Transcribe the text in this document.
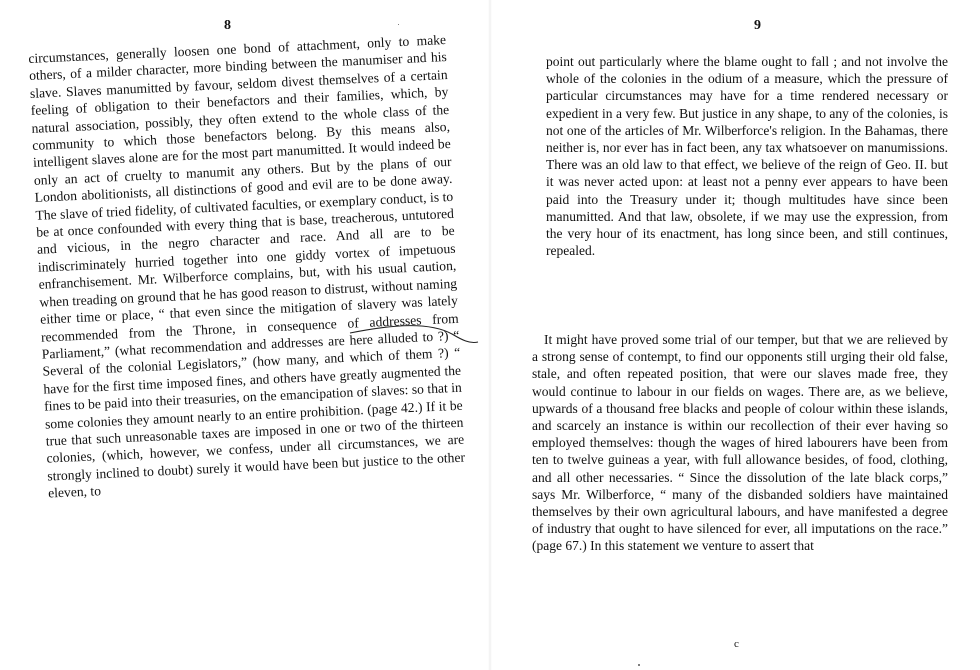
8

circumstances, generally loosen one bond of attachment, only to make others, of a milder character, more binding between the manumiser and his slave. Slaves manumitted by favour, seldom divest themselves of a certain feeling of obligation to their benefactors and their families, which, by natural association, possibly, they often extend to the whole class of the community to which those benefactors belong. By this means also, intelligent slaves alone are for the most part manumitted. It would indeed be only an act of cruelty to manumit any others. But by the plans of our London abolitionists, all distinctions of good and evil are to be done away. The slave of tried fidelity, of cultivated faculties, or exemplary conduct, is to be at once confounded with every thing that is base, treacherous, untutored and vicious, in the negro character and race. And all are to be indiscriminately hurried together into one giddy vortex of impetuous enfranchisement. Mr. Wilberforce complains, but, with his usual caution, when treading on ground that he has good reason to distrust, without naming either time or place, “ that even since the mitigation of slavery was lately recommended from the Throne, in consequence of addresses from Parliament,” (what recommendation and addresses are here alluded to ?) “ Several of the colonial Legislators,” (how many, and which of them ?) “ have for the first time imposed fines, and others have greatly augmented the fines to be paid into their treasuries, on the emancipation of slaves: so that in some colonies they amount nearly to an entire prohibition. (page 42.) If it be true that such unreasonable taxes are imposed in one or two of the thirteen colonies, (which, however, we confess, under all circumstances, we are strongly inclined to doubt) surely it would have been but justice to the other eleven, to

9

point out particularly where the blame ought to fall ; and not involve the whole of the colonies in the odium of a measure, which the pressure of particular circumstances may have for a time rendered necessary or expedient in a very few. But justice in any shape, to any of the colonies, is not one of the articles of Mr. Wilberforce's religion. In the Bahamas, there neither is, nor ever has in fact been, any tax whatsoever on manumissions. There was an old law to that effect, we believe of the reign of Geo. II. but it was never acted upon: at least not a penny ever appears to have been paid into the Treasury under it; though multitudes have since been manumitted. And that law, obsolete, if we may use the expression, from the very hour of its enactment, has long since been, and still continues, repealed.

It might have proved some trial of our temper, but that we are relieved by a strong sense of contempt, to find our opponents still urging their old false, stale, and often repeated position, that were our slaves made free, they would continue to labour in our fields on wages. There are, as we believe, upwards of a thousand free blacks and people of colour within these islands, and scarcely an instance is within our recollection of their ever having so employed themselves: though the wages of hired labourers have been from ten to twelve guineas a year, with full allowance besides, of food, clothing, and all other necessaries. “ Since the dissolution of the late black corps,” says Mr. Wilberforce, “ many of the disbanded soldiers have maintained themselves by their own agricultural labours, and have manifested a degree of industry that ought to have silenced for ever, all imputations on the race.” (page 67.) In this statement we venture to assert that

c
